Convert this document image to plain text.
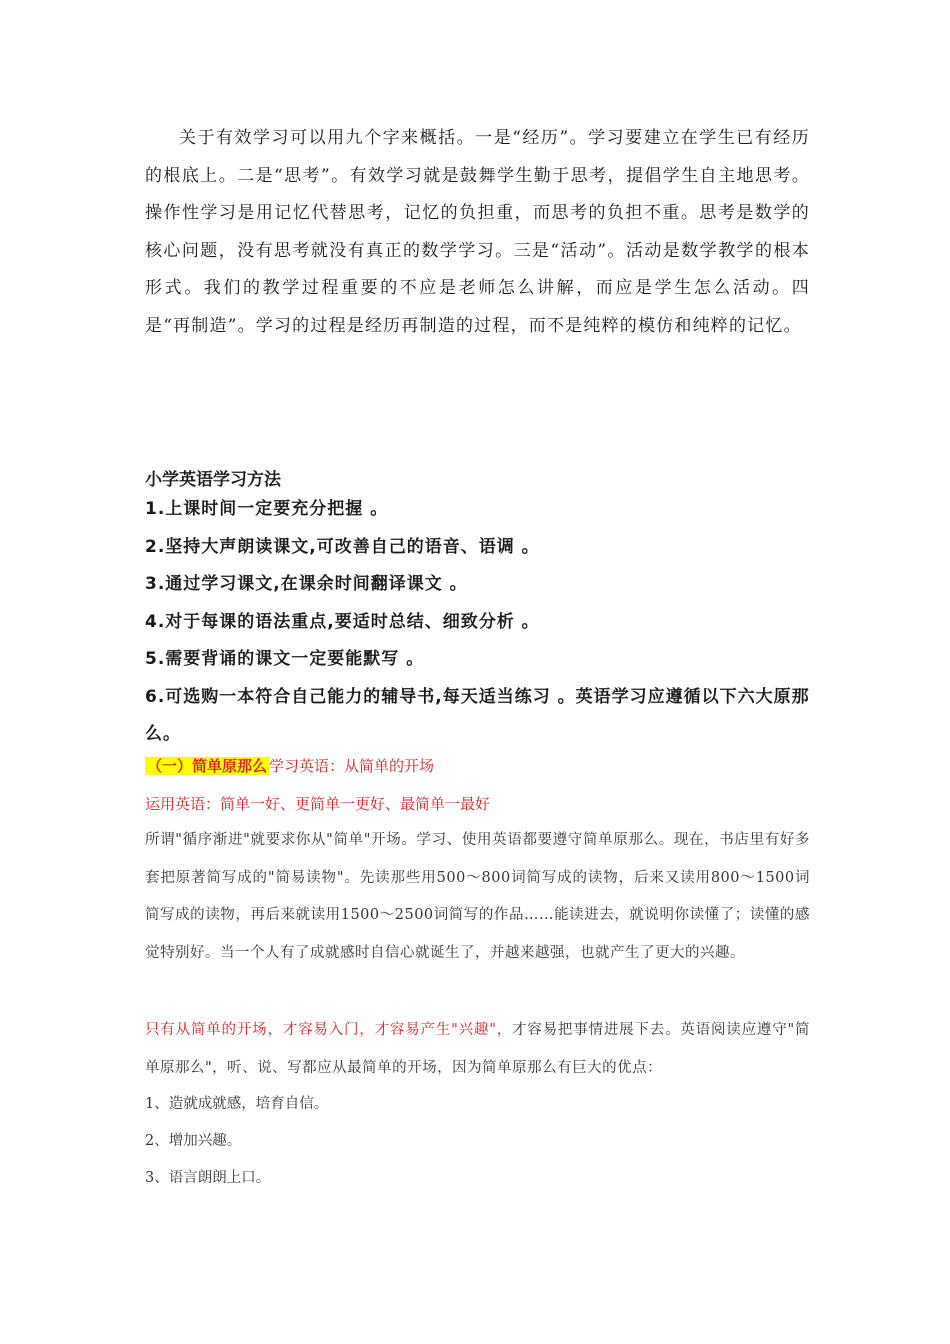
关于有效学习可以用九个字来概括。一是“经历”。学习要建立在学生已有经历的根底上。二是“思考”。有效学习就是鼓舞学生勤于思考，提倡学生自主地思考。操作性学习是用记忆代替思考，记忆的负担重，而思考的负担不重。思考是数学的核心问题，没有思考就没有真正的数学学习。三是“活动”。活动是数学教学的根本形式。我们的教学过程重要的不应是老师怎么讲解，而应是学生怎么活动。四是“再制造”。学习的过程是经历再制造的过程，而不是纯粹的模仿和纯粹的记忆。

小学英语学习方法
1.上课时间一定要充分把握 。
2.坚持大声朗读课文,可改善自己的语音、语调 。
3.通过学习课文,在课余时间翻译课文 。
4.对于每课的语法重点,要适时总结、细致分析 。
5.需要背诵的课文一定要能默写 。
6.可选购一本符合自己能力的辅导书,每天适当练习 。英语学习应遵循以下六大原那么。
（一）简单原那么 学习英语：从简单的开场
运用英语：简单一好、更简单一更好、最简单一最好

所谓"循序渐进"就要求你从"简单"开场。学习、使用英语都要遵守简单原那么。现在，书店里有好多套把原著简写成的"简易读物"。先读那些用500～800词简写成的读物，后来又读用800～1500词简写成的读物，再后来就读用1500～2500词简写的作品……能读进去，就说明你读懂了；读懂的感觉特别好。当一个人有了成就感时自信心就诞生了，并越来越强，也就产生了更大的兴趣。

只有从简单的开场，才容易入门，才容易产生"兴趣"，才容易把事情进展下去。英语阅读应遵守"简单原那么"，听、说、写都应从最简单的开场，因为简单原那么有巨大的优点：

1、造就成就感，培育自信。
2、增加兴趣。
3、语言朗朗上口。
